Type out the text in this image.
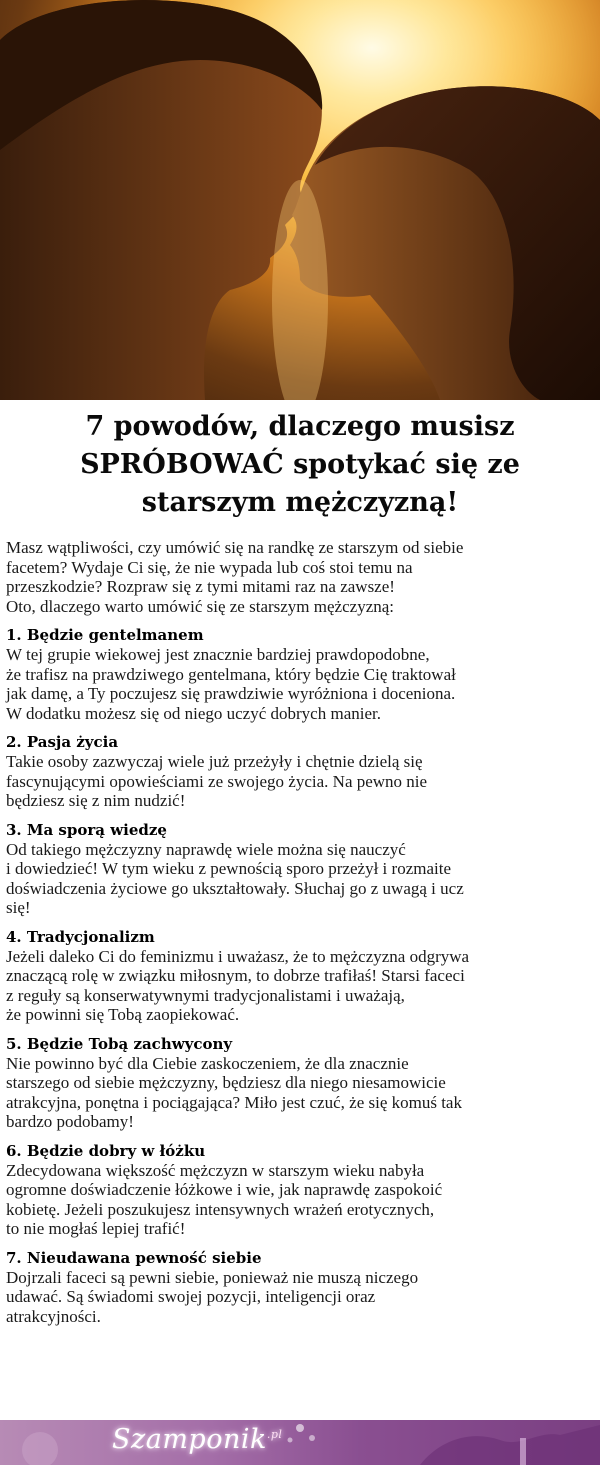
7 powodów, dlaczego musisz
SPRÓBOWAĆ spotykać się ze
starszym mężczyzną!

Masz wątpliwości, czy umówić się na randkę ze starszym od siebie

facetem? Wydaje Ci się, że nie wypada lub coś stoi temu na

przeszkodzie? Rozpraw się z tymi mitami raz na zawsze!

Oto, dlaczego warto umówić się ze starszym mężczyzną:

1. Będzie gentelmanem

W tej grupie wiekowej jest znacznie bardziej prawdopodobne,

że trafisz na prawdziwego gentelmana, który będzie Cię traktował

jak damę, a Ty poczujesz się prawdziwie wyróżniona i doceniona.

W dodatku możesz się od niego uczyć dobrych manier.

2. Pasja życia

Takie osoby zazwyczaj wiele już przeżyły i chętnie dzielą się

fascynującymi opowieściami ze swojego życia. Na pewno nie

będziesz się z nim nudzić!

3. Ma sporą wiedzę

Od takiego mężczyzny naprawdę wiele można się nauczyć

i dowiedzieć! W tym wieku z pewnością sporo przeżył i rozmaite

doświadczenia życiowe go ukształtowały. Słuchaj go z uwagą i ucz

się!

4. Tradycjonalizm

Jeżeli daleko Ci do feminizmu i uważasz, że to mężczyzna odgrywa

znaczącą rolę w związku miłosnym, to dobrze trafiłaś! Starsi faceci

z reguły są konserwatywnymi tradycjonalistami i uważają,

że powinni się Tobą zaopiekować.

5. Będzie Tobą zachwycony

Nie powinno być dla Ciebie zaskoczeniem, że dla znacznie

starszego od siebie mężczyzny, będziesz dla niego niesamowicie

atrakcyjna, ponętna i pociągająca? Miło jest czuć, że się komuś tak

bardzo podobamy!

6. Będzie dobry w łóżku

Zdecydowana większość mężczyzn w starszym wieku nabyła

ogromne doświadczenie łóżkowe i wie, jak naprawdę zaspokoić

kobietę. Jeżeli poszukujesz intensywnych wrażeń erotycznych,

to nie mogłaś lepiej trafić!

7. Nieudawana pewność siebie

Dojrzali faceci są pewni siebie, ponieważ nie muszą niczego

udawać. Są świadomi swojej pozycji, inteligencji oraz

atrakcyjności.

Szamponik$^{.pl}$
